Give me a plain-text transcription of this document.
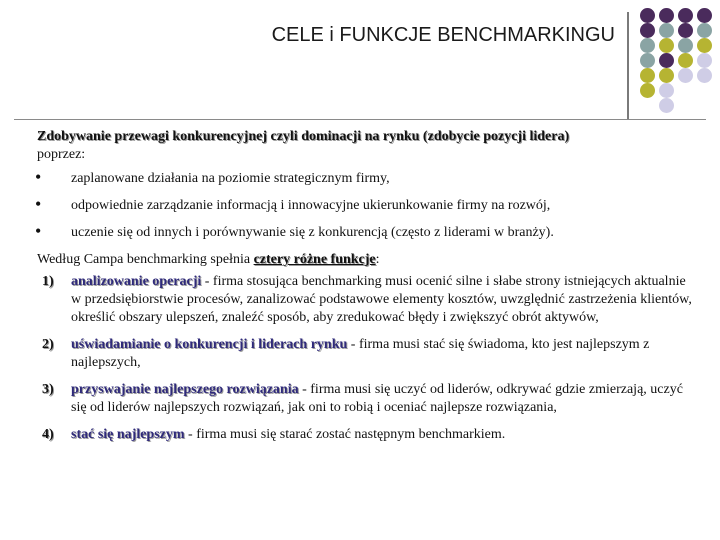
CELE i FUNKCJE BENCHMARKINGU

Zdobywanie przewagi konkurencyjnej czyli dominacji na rynku (zdobycie pozycji lidera)

poprzez:

• zaplanowane działania na poziomie strategicznym firmy,
• odpowiednie zarządzanie informacją i innowacyjne ukierunkowanie firmy na rozwój,
• uczenie się od innych i porównywanie się z konkurencją (często z liderami w branży).

Według Campa benchmarking spełnia cztery różne funkcje:

1) analizowanie operacji - firma stosująca benchmarking musi ocenić silne i słabe strony istniejących aktualnie w przedsiębiorstwie procesów, zanalizować podstawowe elementy kosztów, uwzględnić zastrzeżenia klientów, określić obszary ulepszeń, znaleźć sposób, aby zredukować błędy i zwiększyć obrót aktywów,
2) uświadamianie o konkurencji i liderach rynku - firma musi stać się świadoma, kto jest najlepszym z najlepszych,
3) przyswajanie najlepszego rozwiązania - firma musi się uczyć od liderów, odkrywać gdzie zmierzają, uczyć się od liderów najlepszych rozwiązań, jak oni to robią i oceniać najlepsze rozwiązania,
4) stać się najlepszym - firma musi się starać zostać następnym benchmarkiem.
